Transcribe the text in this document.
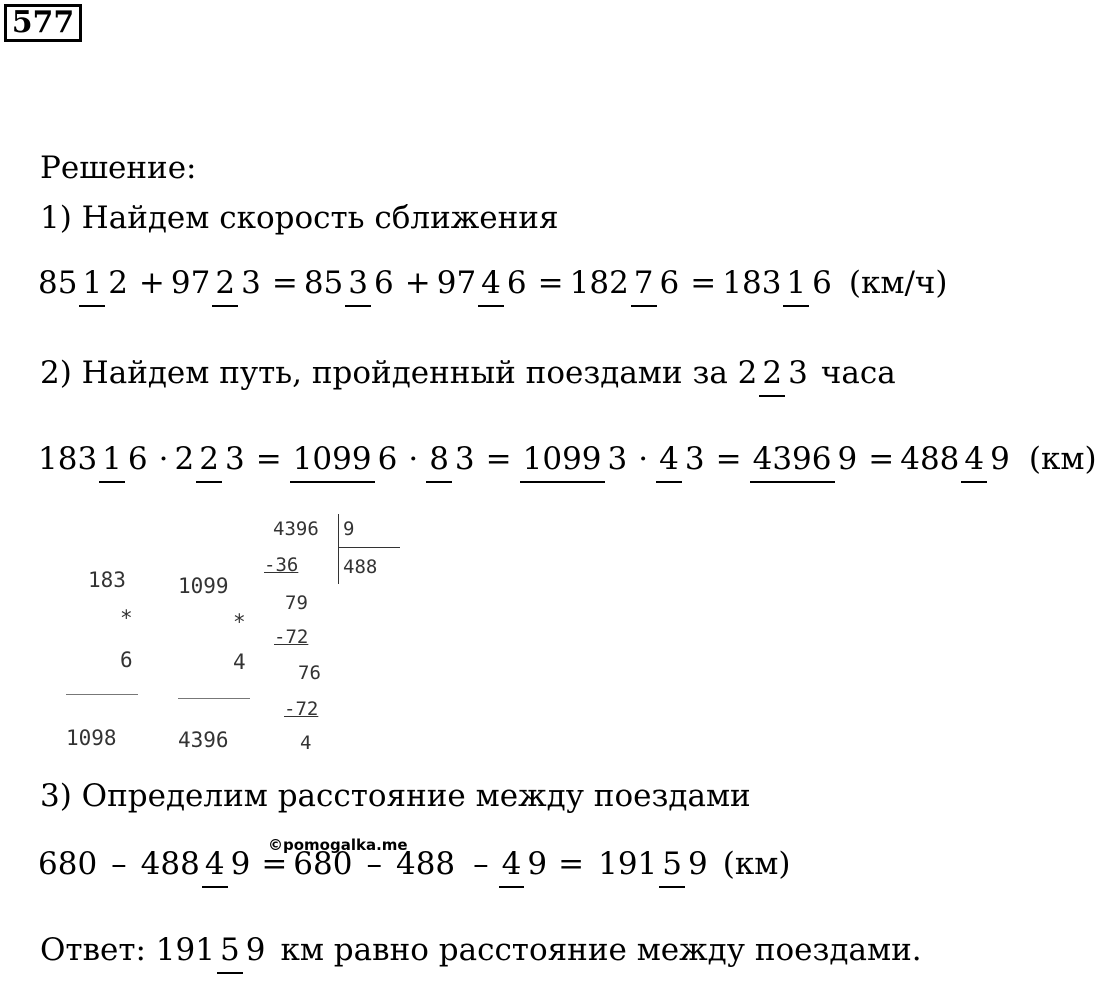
577
Решение:
1) Найдем скорость сближения
85 1 2 + 97 2 3 = 85 3 6 + 97 4 6 = 182 7 6 = 183 1 6 (км/ч)
2) Найдем путь, пройденный поездами за 2 2 3 часа
183 1 6 · 2 2 3 = 1099 6 · 8 3 = 1099 3 · 4 3 = 4396 9 = 488 4 9 (км)
183
*
6
1098
1099
*
4
4396
4396 9
488
-36
79
-72
76
-72
4
3) Определим расстояние между поездами
©pomogalka.me
680 – 488 4 9 = 680 – 488 – 4 9 = 191 5 9 (км)
Ответ: 191 5 9 км равно расстояние между поездами.
